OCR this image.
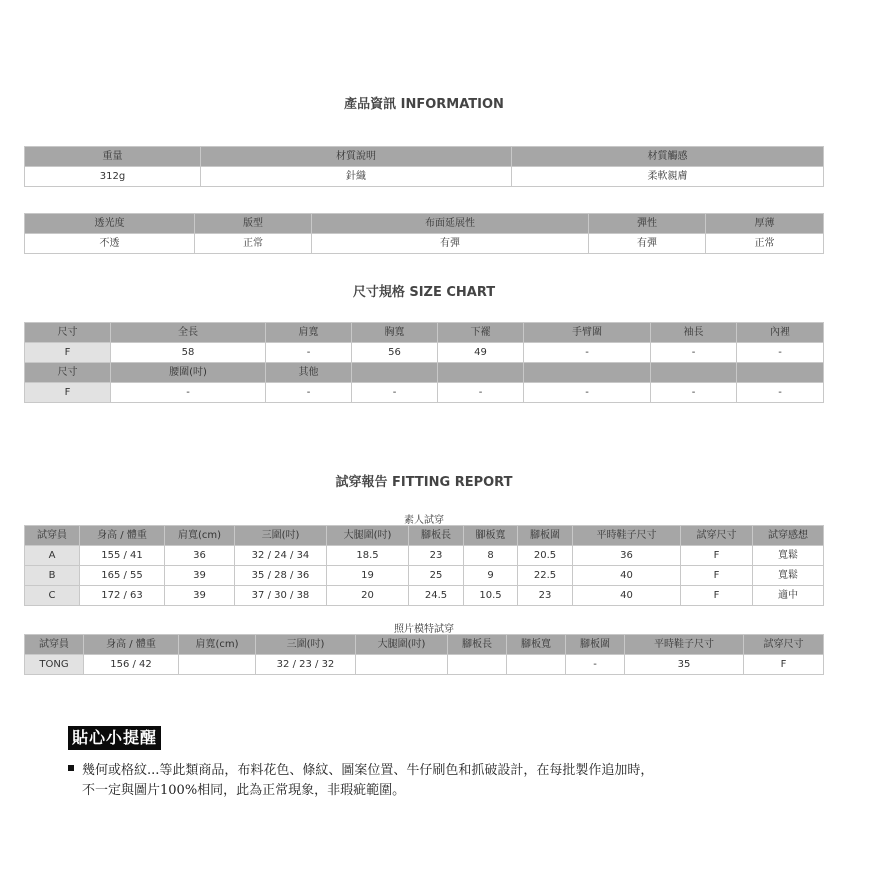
產品資訊 INFORMATION
重量	材質說明	材質觸感
312g	針織	柔軟親膚
透光度	版型	布面延展性	彈性	厚薄
不透	正常	有彈	有彈	正常
尺寸規格 SIZE CHART
尺寸	全長	肩寬	胸寬	下襬	手臂圍	袖長	內裡
F	58	-	56	49	-	-	-
尺寸	腰圍(吋)	其他					
F	-	-	-	-	-	-	-
試穿報告 FITTING REPORT
素人試穿
試穿員	身高 / 體重	肩寬(cm)	三圍(吋)	大腿圍(吋)	腳板長	腳板寬	腳板圍	平時鞋子尺寸	試穿尺寸	試穿感想
A	155 / 41	36	32 / 24 / 34	18.5	23	8	20.5	36	F	寬鬆
B	165 / 55	39	35 / 28 / 36	19	25	9	22.5	40	F	寬鬆
C	172 / 63	39	37 / 30 / 38	20	24.5	10.5	23	40	F	適中
照片模特試穿
試穿員	身高 / 體重	肩寬(cm)	三圍(吋)	大腿圍(吋)	腳板長	腳板寬	腳板圍	平時鞋子尺寸	試穿尺寸
TONG	156 / 42		32 / 23 / 32				-	35	F
貼心小提醒
幾何或格紋...等此類商品，布料花色、條紋、圖案位置、牛仔刷色和抓破設計，在每批製作追加時，
不一定與圖片100%相同，此為正常現象，非瑕疵範圍。
